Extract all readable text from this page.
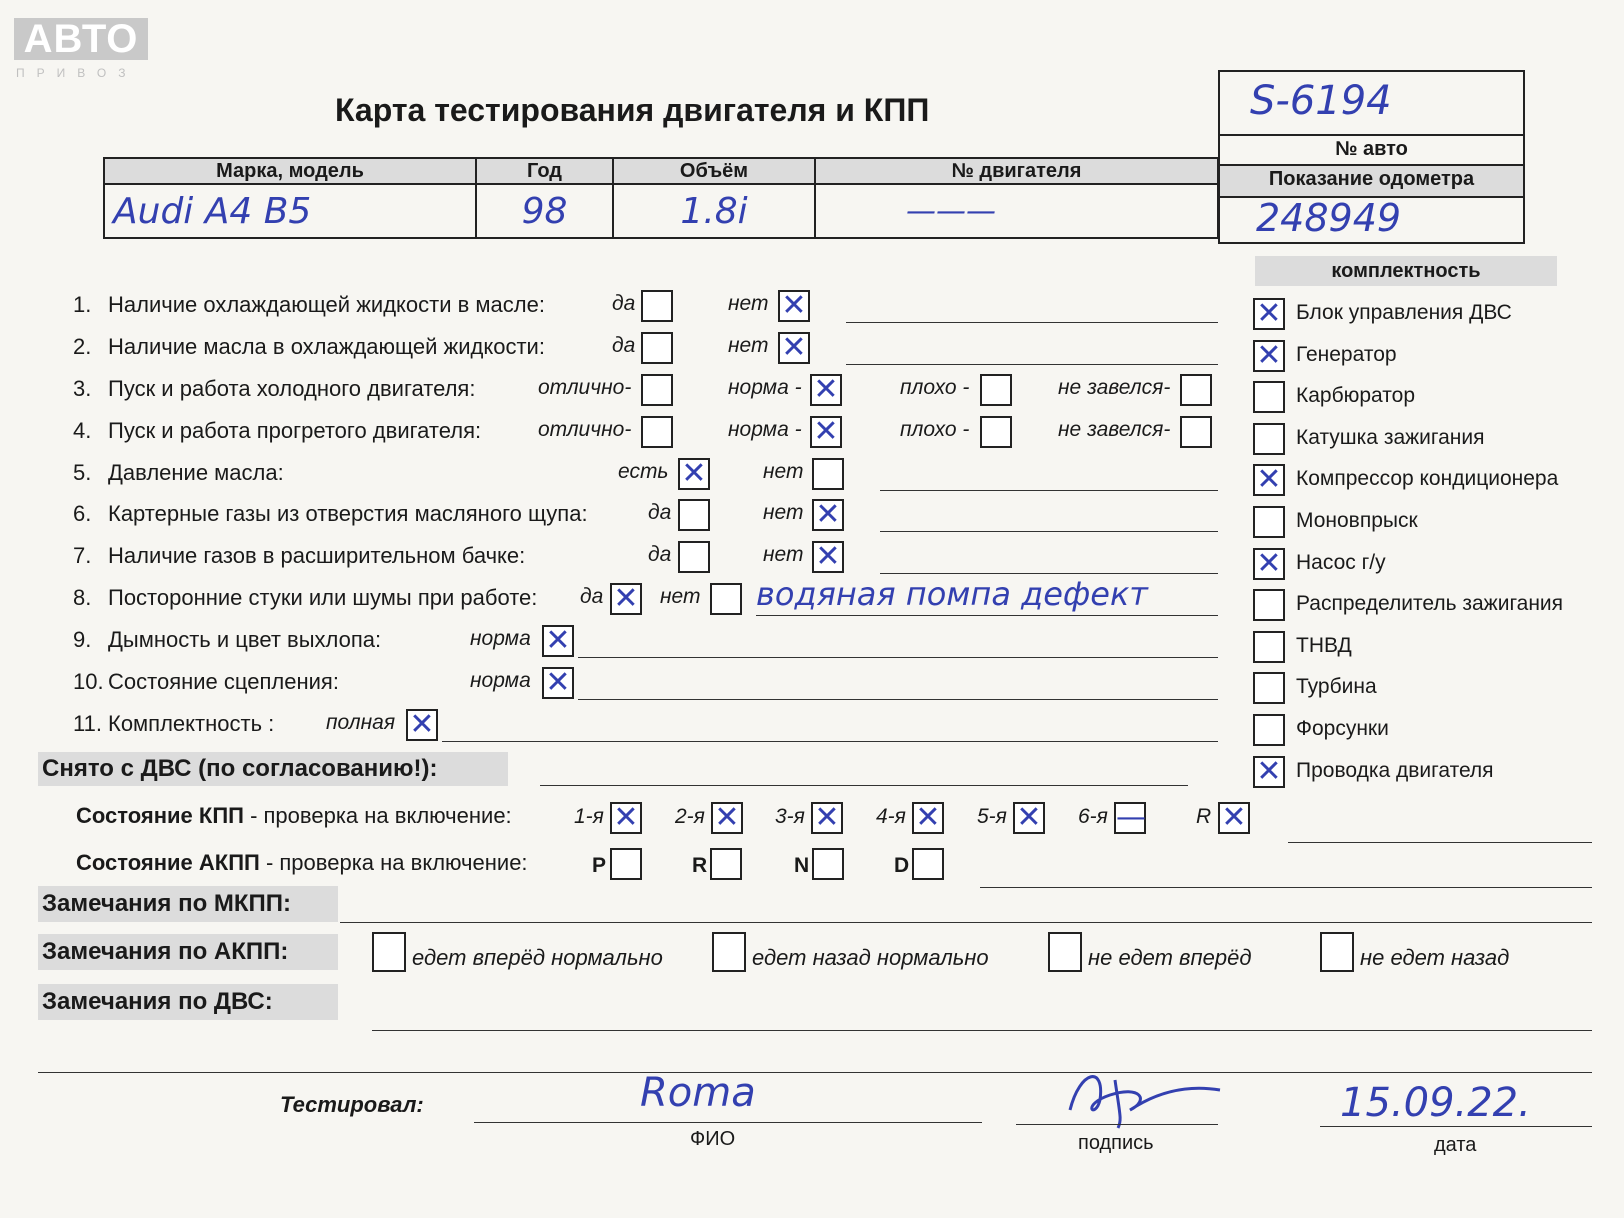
АВТО
ПРИВОЗ
Карта тестирования двигателя и КПП	S-6194
№ авто
Показание одометра
248949
Марка, модель	Год	Объём	№ двигателя

Audi A4 B5	98	1.8i	———
комплектность
✕ Блок управления ДВС
✕ Генератор
Карбюратор
Катушка зажигания
✕ Компрессор кондиционера
Моновпрыск
✕ Насос г/у
Распределитель зажигания
ТНВД
Турбина
Форсунки
✕ Проводка двигателя
1. Наличие охлаждающей жидкости в масле:	да	нет ✕
2. Наличие масла в охлаждающей жидкости:	да	нет ✕
3. Пуск и работа холодного двигателя:	отлично-	норма - ✕	плохо -	не завелся-
4. Пуск и работа прогретого двигателя:	отлично-	норма - ✕	плохо -	не завелся-
5. Давление масла:	есть ✕	нет
6. Картерные газы из отверстия масляного щупа:	да	нет ✕
7. Наличие газов в расширительном бачке:	да	нет ✕
8. Посторонние стуки или шумы при работе: да ✕ нет водяная помпа дефект
9. Дымность и цвет выхлопа:	норма ✕
10. Состояние сцепления:	норма ✕
11. Комплектность : полная ✕
Снято с ДВС (по согласованию!):
Состояние КПП - проверка на включение:	1-я ✕ 2-я ✕ 3-я ✕ 4-я ✕ 5-я ✕ 6-я — R ✕
Состояние АКПП - проверка на включение:	P	R	N	D
Замечания по МКПП:
Замечания по АКПП:	едет вперёд нормально	едет назад нормально	не едет вперёд	не едет назад
Замечания по ДВС:
Тестировал:	Roma
ФИО	подпись
15.09.22.
дата
